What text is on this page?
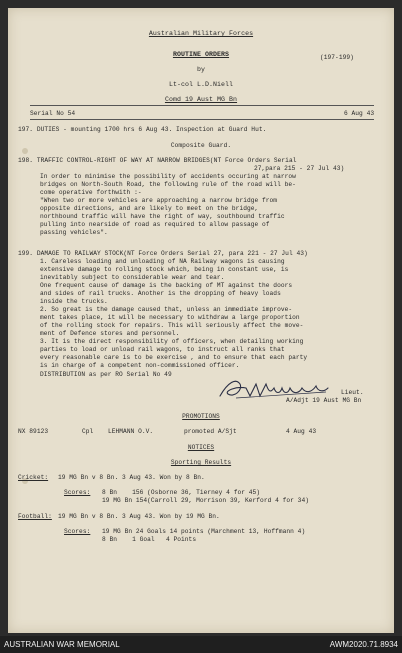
Australian Military Forces
ROUTINE ORDERS	(197-199)
by
Lt-col L.D.Niell
Comd 19 Aust MG Bn
Serial No 54	6 Aug 43
197. DUTIES - mounting 1700 hrs 6 Aug 43. Inspection at Guard Hut.
Composite Guard.
198. TRAFFIC CONTROL-RIGHT OF WAY AT NARROW BRIDGES(NT Force Orders Serial
27,para 215 - 27 Jul 43)
In order to minimise the possibility of accidents occuring at narrow
bridges on North-South Road, the following rule of the road will be-
come operative forthwith :-
"When two or more vehicles are approaching a narrow bridge from
opposite directions, and are likely to meet on the bridge,
northbound traffic will have the right of way, southbound traffic
pulling into nearside of road as required to allow passage of
passing vehicles".
199. DAMAGE TO RAILWAY STOCK(NT Force Orders Serial 27, para 221 - 27 Jul 43)
1. Careless loading and unloading of NA Railway wagons is causing
extensive damage to rolling stock which, being in constant use, is
inevitably subject to considerable wear and tear.
One frequent cause of damage is the backing of MT against the doors
and sides of rail trucks. Another is the dropping of heavy loads
inside the trucks.
2. So great is the damage caused that, unless an immediate improve-
ment takes place, it will be necessary to withdraw a large proportion
of the rolling stock for repairs. This will seriously affect the move-
ment of Defence stores and personnel.
3. It is the direct responsibility of officers, when detailing working
parties to load or unload rail wagons, to instruct all ranks that
every reasonable care is to be exercise , and to ensure that each party
is in charge of a competent non-commissioned officer.
DISTRIBUTION as per RO Serial No 49
Lieut.
A/Adjt 19 Aust MG Bn
PROMOTIONS
NX 89123	Cpl LEHMANN O.V.	promoted A/Sjt	4 Aug 43
NOTICES
Sporting Results
Cricket: 19 MG Bn v 8 Bn. 3 Aug 43. Won by 8 Bn.
Scores: 8 Bn    156 (Osborne 36, Tierney 4 for 45)
19 MG Bn 154(Carroll 29, Morrison 39, Kerford 4 for 34)
Football: 19 MG Bn v 8 Bn. 3 Aug 43. Won by 19 MG Bn.
Scores: 19 MG Bn 24 Goals 14 points (Marchment 13, Hoffmann 4)
8 Bn    1 Goal   4 Points
AUSTRALIAN WAR MEMORIAL	AWM2020.71.8934
